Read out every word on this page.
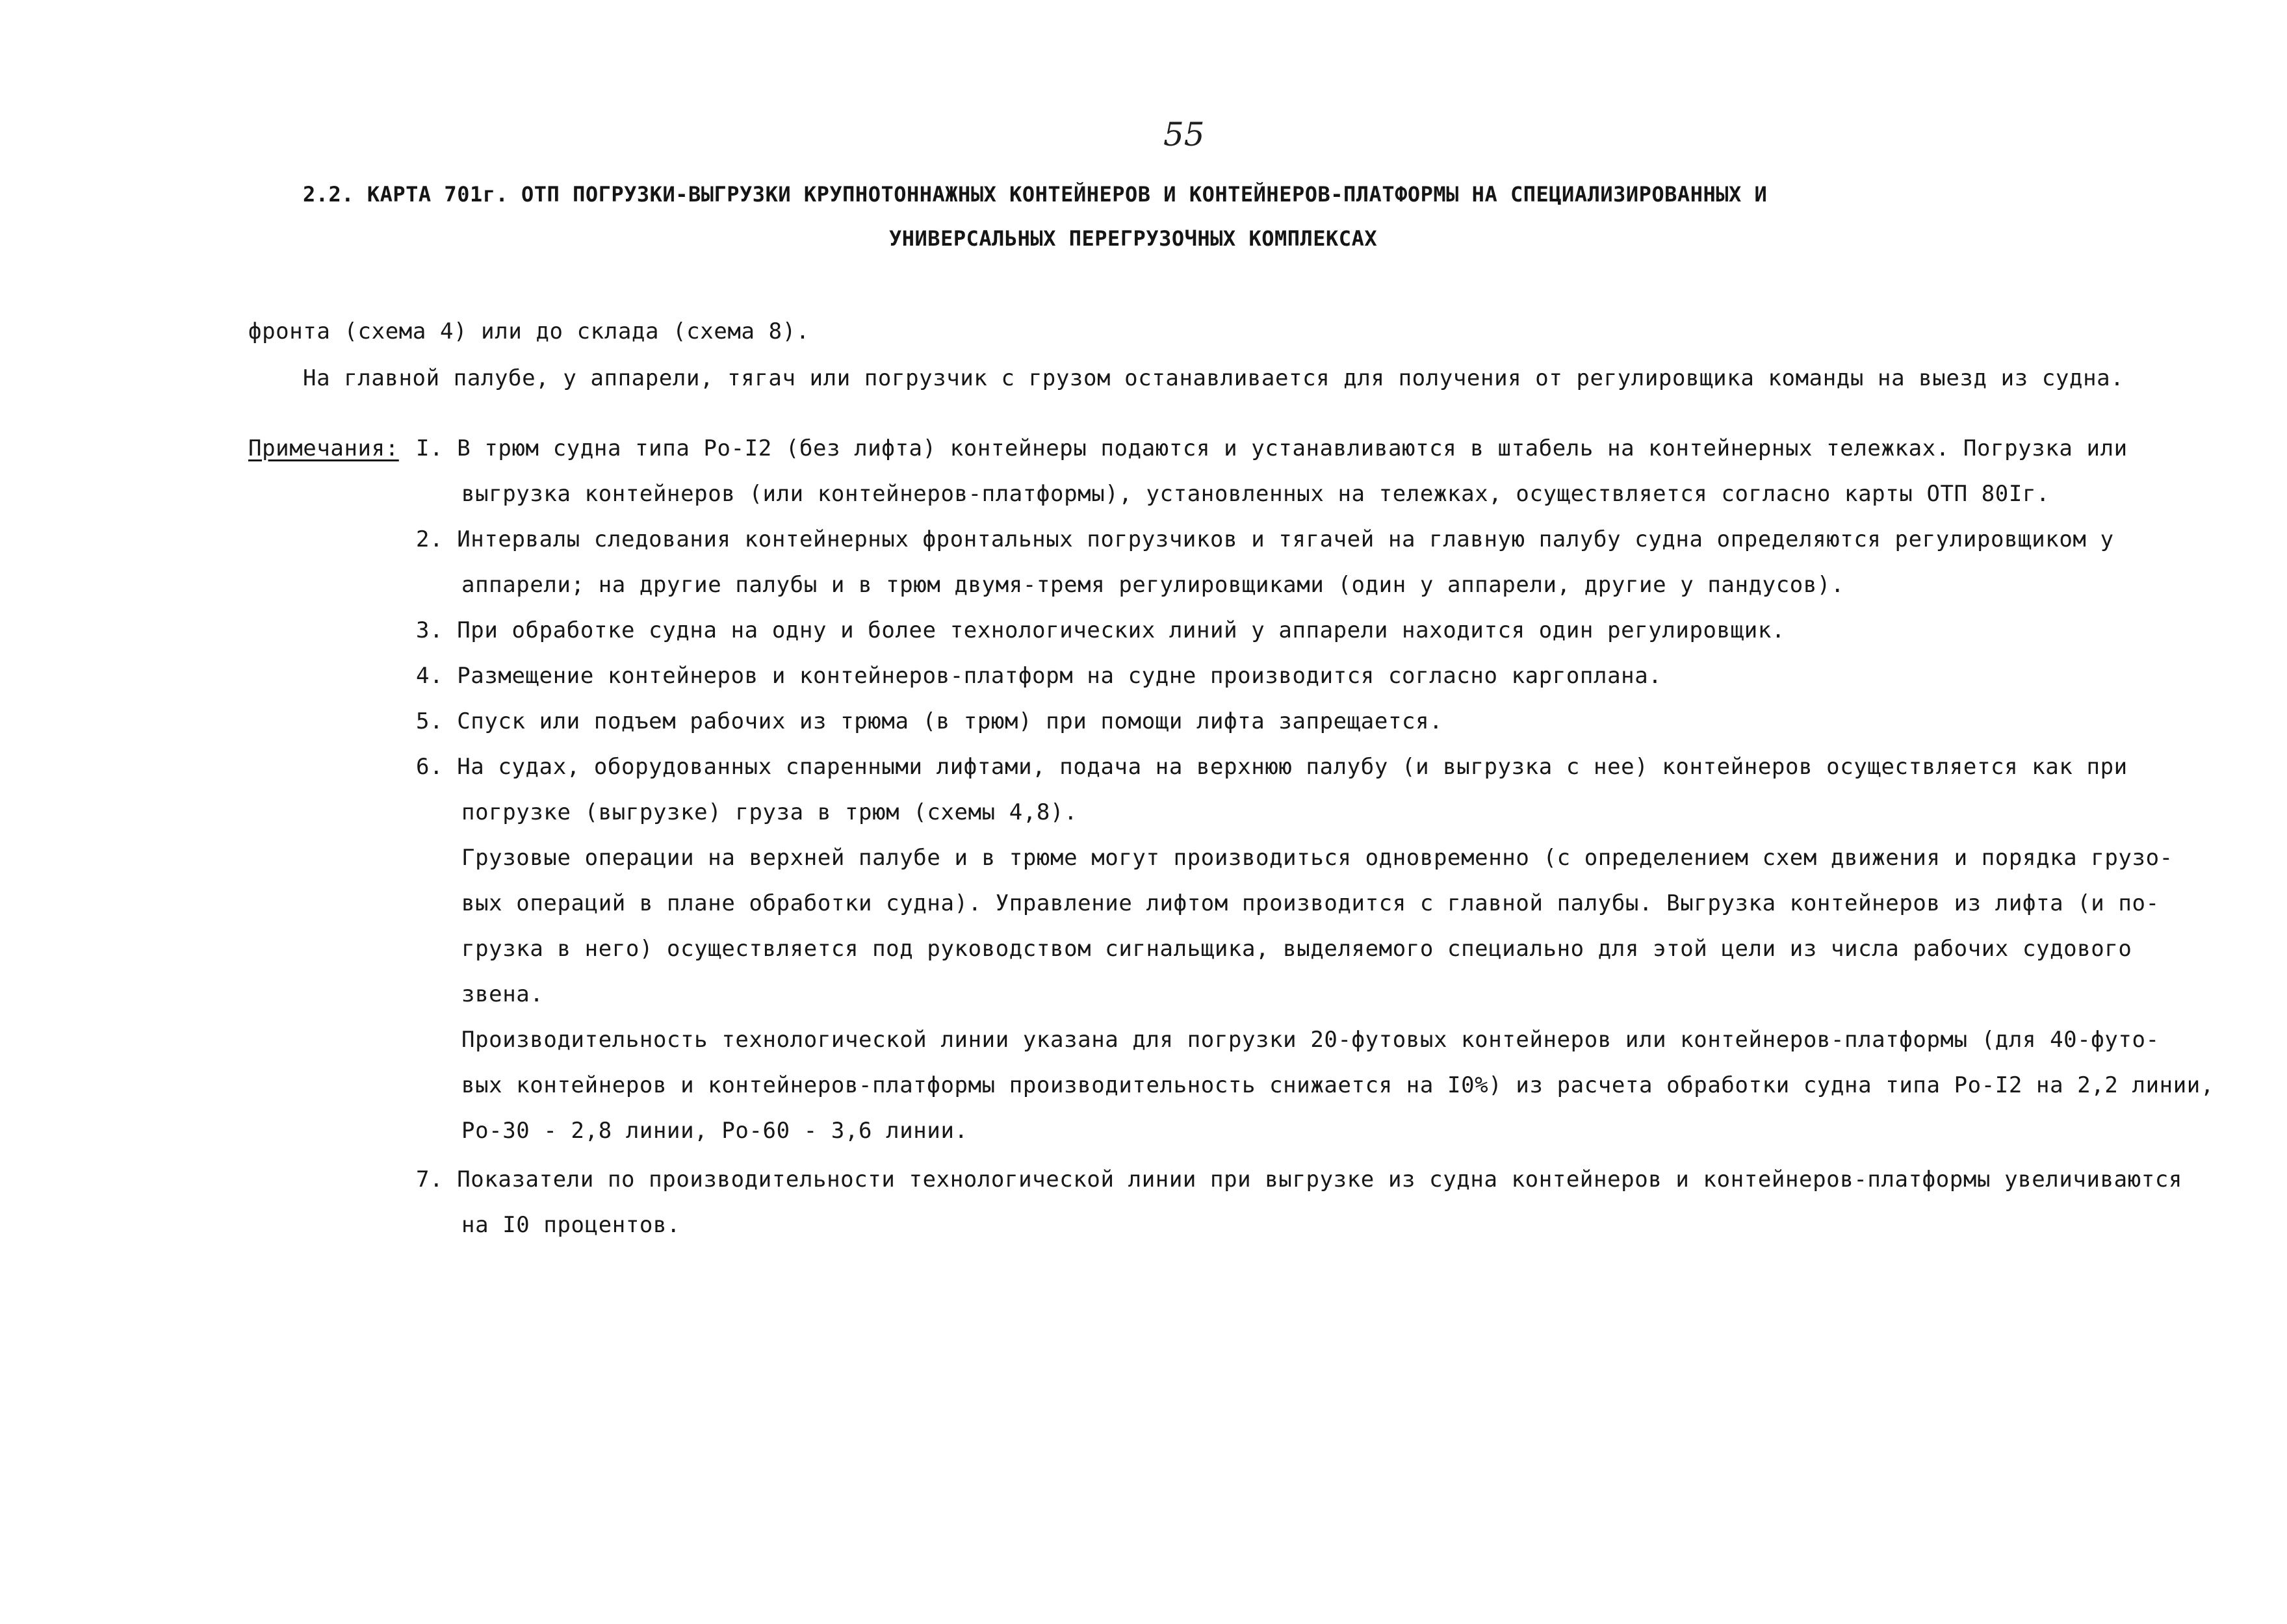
55
2.2. КАРТА 701г. ОТП ПОГРУЗКИ-ВЫГРУЗКИ КРУПНОТОННАЖНЫХ КОНТЕЙНЕРОВ И КОНТЕЙНЕРОВ-ПЛАТФОРМЫ НА СПЕЦИАЛИЗИРОВАННЫХ И
УНИВЕРСАЛЬНЫХ ПЕРЕГРУЗОЧНЫХ КОМПЛЕКСАХ
фронта (схема 4) или до склада (схема 8).
На главной палубе, у аппарели, тягач или погрузчик с грузом останавливается для получения от регулировщика команды на выезд из судна.
Примечания: I. В трюм судна типа Ро-I2 (без лифта) контейнеры подаются и устанавливаются в штабель на контейнерных тележках. Погрузка или
выгрузка контейнеров (или контейнеров-платформы), установленных на тележках, осуществляется согласно карты ОТП 80Iг.
2. Интервалы следования контейнерных фронтальных погрузчиков и тягачей на главную палубу судна определяются регулировщиком у
аппарели; на другие палубы и в трюм двумя-тремя регулировщиками (один у аппарели, другие у пандусов).
3. При обработке судна на одну и более технологических линий у аппарели находится один регулировщик.
4. Размещение контейнеров и контейнеров-платформ на судне производится согласно каргоплана.
5. Спуск или подъем рабочих из трюма (в трюм) при помощи лифта запрещается.
6. На судах, оборудованных спаренными лифтами, подача на верхнюю палубу (и выгрузка с нее) контейнеров осуществляется как при
погрузке (выгрузке) груза в трюм (схемы 4,8).
Грузовые операции на верхней палубе и в трюме могут производиться одновременно (с определением схем движения и порядка грузо-
вых операций в плане обработки судна). Управление лифтом производится с главной палубы. Выгрузка контейнеров из лифта (и по-
грузка в него) осуществляется под руководством сигнальщика, выделяемого специально для этой цели из числа рабочих судового
звена.
Производительность технологической линии указана для погрузки 20-футовых контейнеров или контейнеров-платформы (для 40-футо-
вых контейнеров и контейнеров-платформы производительность снижается на I0%) из расчета обработки судна типа Ро-I2 на 2,2 линии,
Ро-30 - 2,8 линии, Ро-60 - 3,6 линии.
7. Показатели по производительности технологической линии при выгрузке из судна контейнеров и контейнеров-платформы увеличиваются
на I0 процентов.
